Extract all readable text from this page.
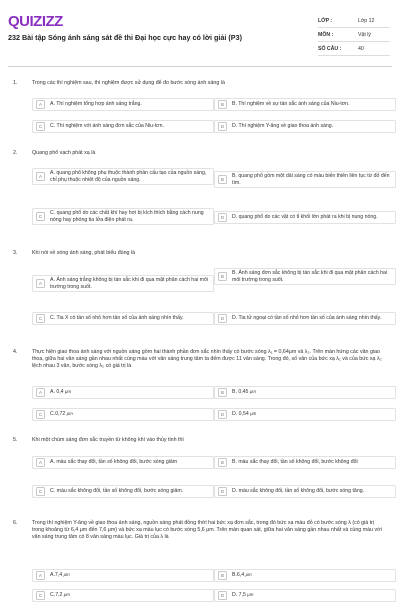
QUIZIZZ
232 Bài tập Sóng ánh sáng sát đề thi Đại học cực hay có lời giải (P3)
LỚP :	Lớp 12
MÔN :	Vật lý
SỐ CÂU :	40
1.	Trong các thí nghiệm sau, thí nghiệm được sử dụng để đo bước sóng ánh sáng là
A	A. Thí nghiệm tổng hợp ánh sáng trắng.	B	B. Thí nghiệm về sự tán sắc ánh sáng của Niu-tơn.
C	C. Thí nghiệm với ánh sáng đơn sắc của Niu-tơn.	D	D. Thí nghiệm Y-âng về giao thoa ánh sáng.
2.	Quang phổ vạch phát xạ là
A
A. quang phổ không phụ thuộc thành phần cấu tạo của nguồn sáng, chỉ phụ thuộc nhiệt độ của nguồn sáng.	B
B. quang phổ gồm một dải sáng có màu biến thiên liên tục từ đỏ đến tím.
C
C. quang phổ do các chất khí hay hơi bị kích thích bằng cách nung nóng hay phóng tia lửa điện phát ra.	D	D. quang phổ do các vật có tỉ khối lớn phát ra khi bị nung nóng.
3.	Khi nói về sóng ánh sáng, phát biểu đúng là
A
A. Ánh sáng trắng không bị tán sắc khi đi qua mặt phân cách hai môi trường trong suốt.
B
B. Ánh sáng đơn sắc không bị tán sắc khi đi qua mặt phân cách hai môi trường trong suốt.
C	C. Tia X có tần số nhỏ hơn tần số của ánh sáng nhìn thấy.	D	D. Tia tử ngoại có tần số nhỏ hơn tần số của ánh sáng nhìn thấy.
4.	Thực hiện giao thoa ánh sáng với nguồn sáng gồm hai thành phần đơn sắc nhìn thấy có bước sóng λ₁ = 0,64μm và λ₂. Trên màn hứng các vân giao thoa, giữa hai vân sáng gần nhau nhất cùng màu với vân sáng trung tâm ta đếm được 11 vân sáng. Trong đó, số vân của bức xạ λ₁ và của bức xạ λ₂ lệch nhau 3 vân, bước sóng λ₂ có giá trị là
A	A. 0,4 μm	B	B. 0,45 μm
C	C.0,72 μm	D	D. 0,54 μm
5.	Khi một chùm sáng đơn sắc truyền từ không khí vào thủy tinh thì
A	A. màu sắc thay đổi, tần số không đổi, bước sóng giảm	B	B. màu sắc thay đổi, tần số không đổi, bước không đổi
C	C. màu sắc không đổi, tần số không đổi, bước sóng giảm.	D	D. màu sắc không đổi, tần số không đổi, bước sóng tăng.
6.	Trong thí nghiệm Y-âng về giao thoa ánh sáng, nguồn sáng phát đồng thời hai bức xạ đơn sắc, trong đó bức xạ màu đỏ có bước sóng λ (có giá trị trong khoảng từ 6,4 μm đến 7,6 μm) và bức xạ màu lục có bước sóng 5,6 μm. Trên màn quan sát, giữa hai vân sáng gần nhau nhất và cùng màu với vân sáng trung tâm có 8 vân sáng màu lục. Giá trị của λ là
A	A.7,4 μm	B	B.6,4 μm
C	C.7,2 μm	D	D. 7,5 μm
